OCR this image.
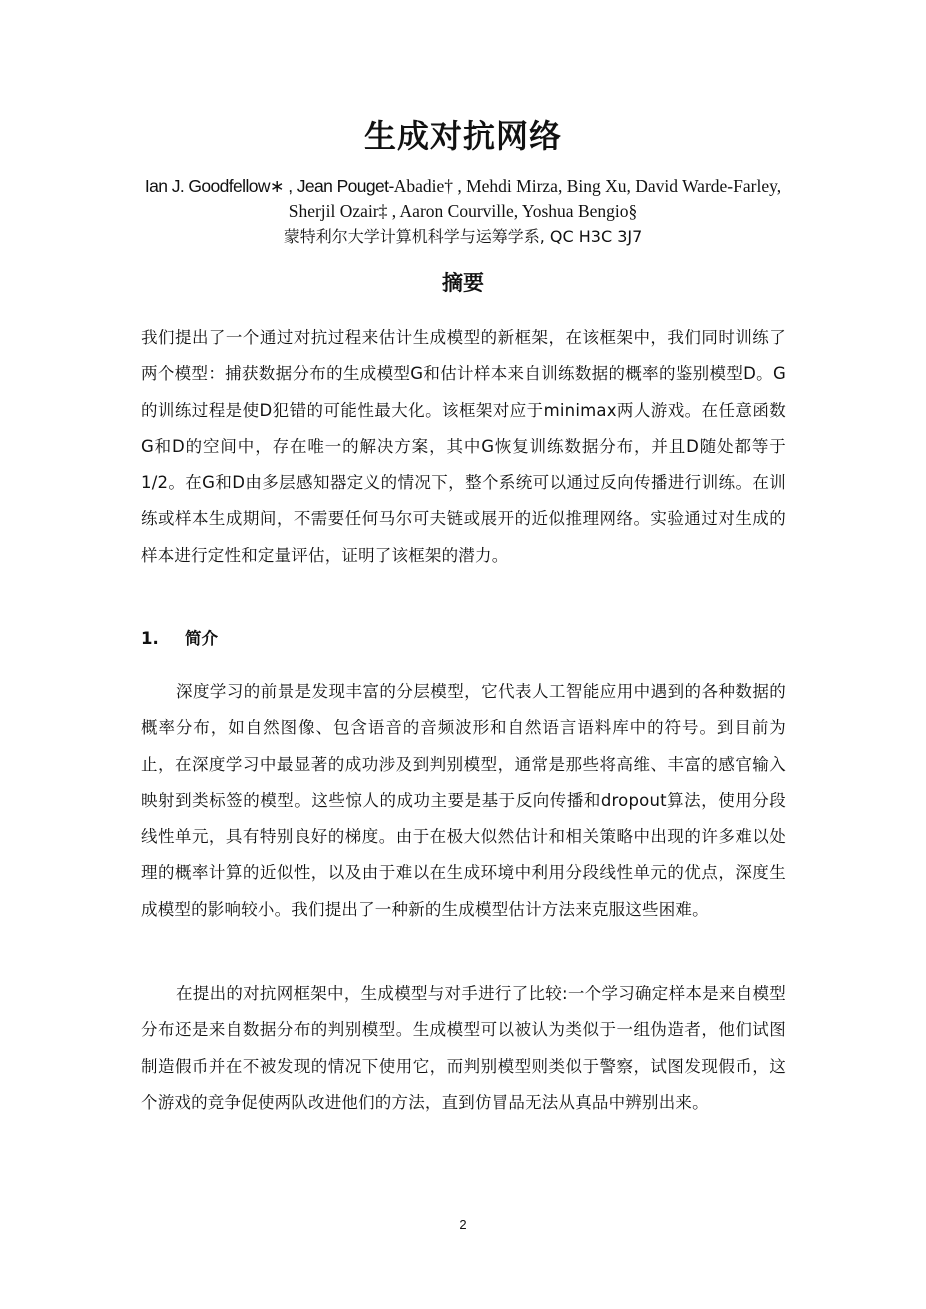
生成对抗网络
Ian J. Goodfellow∗ , Jean Pouget-Abadie† , Mehdi Mirza, Bing Xu, David Warde-Farley, Sherjil Ozair‡ , Aaron Courville, Yoshua Bengio§
蒙特利尔大学计算机科学与运筹学系, QC H3C 3J7
摘要

我们提出了一个通过对抗过程来估计生成模型的新框架，在该框架中，我们同时训练了两个模型：捕获数据分布的生成模型G和估计样本来自训练数据的概率的鉴别模型D。G的训练过程是使D犯错的可能性最大化。该框架对应于minimax两人游戏。在任意函数G和D的空间中，存在唯一的解决方案，其中G恢复训练数据分布，并且D随处都等于1/2。在G和D由多层感知器定义的情况下，整个系统可以通过反向传播进行训练。在训练或样本生成期间，不需要任何马尔可夫链或展开的近似推理网络。实验通过对生成的样本进行定性和定量评估，证明了该框架的潜力。

1. 简介

深度学习的前景是发现丰富的分层模型，它代表人工智能应用中遇到的各种数据的概率分布，如自然图像、包含语音的音频波形和自然语言语料库中的符号。到目前为止，在深度学习中最显著的成功涉及到判别模型，通常是那些将高维、丰富的感官输入映射到类标签的模型。这些惊人的成功主要是基于反向传播和dropout算法，使用分段线性单元，具有特别良好的梯度。由于在极大似然估计和相关策略中出现的许多难以处理的概率计算的近似性，以及由于难以在生成环境中利用分段线性单元的优点，深度生成模型的影响较小。我们提出了一种新的生成模型估计方法来克服这些困难。

在提出的对抗网框架中，生成模型与对手进行了比较:一个学习确定样本是来自模型分布还是来自数据分布的判别模型。生成模型可以被认为类似于一组伪造者，他们试图制造假币并在不被发现的情况下使用它，而判别模型则类似于警察，试图发现假币，这个游戏的竞争促使两队改进他们的方法，直到仿冒品无法从真品中辨别出来。

2
